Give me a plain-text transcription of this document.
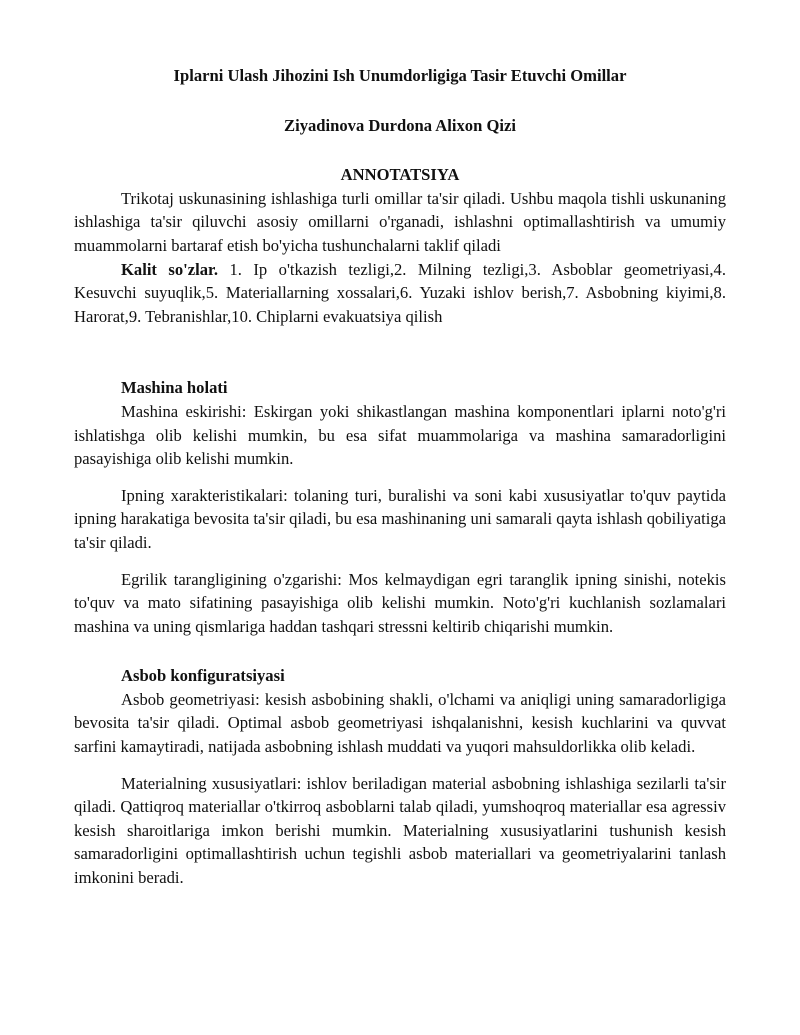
Iplarni Ulash Jihozini Ish Unumdorligiga Tasir Etuvchi Omillar
Ziyadinova Durdona Alixon Qizi
ANNOTATSIYA

Trikotaj uskunasining ishlashiga turli omillar ta'sir qiladi. Ushbu maqola tishli uskunaning ishlashiga ta'sir qiluvchi asosiy omillarni o'rganadi, ishlashni optimallashtirish va umumiy muammolarni bartaraf etish bo'yicha tushunchalarni taklif qiladi

Kalit so'zlar. 1. Ip o'tkazish tezligi,2. Milning tezligi,3. Asboblar geometriyasi,4. Kesuvchi suyuqlik,5. Materiallarning xossalari,6. Yuzaki ishlov berish,7. Asbobning kiyimi,8. Harorat,9. Tebranishlar,10. Chiplarni evakuatsiya qilish

Mashina holati

Mashina eskirishi: Eskirgan yoki shikastlangan mashina komponentlari iplarni noto'g'ri ishlatishga olib kelishi mumkin, bu esa sifat muammolariga va mashina samaradorligini pasayishiga olib kelishi mumkin.

Ipning xarakteristikalari: tolaning turi, buralishi va soni kabi xususiyatlar to'quv paytida ipning harakatiga bevosita ta'sir qiladi, bu esa mashinaning uni samarali qayta ishlash qobiliyatiga ta'sir qiladi.

Egrilik tarangligining o'zgarishi: Mos kelmaydigan egri taranglik ipning sinishi, notekis to'quv va mato sifatining pasayishiga olib kelishi mumkin. Noto'g'ri kuchlanish sozlamalari mashina va uning qismlariga haddan tashqari stressni keltirib chiqarishi mumkin.

Asbob konfiguratsiyasi

Asbob geometriyasi: kesish asbobining shakli, o'lchami va aniqligi uning samaradorligiga bevosita ta'sir qiladi. Optimal asbob geometriyasi ishqalanishni, kesish kuchlarini va quvvat sarfini kamaytiradi, natijada asbobning ishlash muddati va yuqori mahsuldorlikka olib keladi.

Materialning xususiyatlari: ishlov beriladigan material asbobning ishlashiga sezilarli ta'sir qiladi. Qattiqroq materiallar o'tkirroq asboblarni talab qiladi, yumshoqroq materiallar esa agressiv kesish sharoitlariga imkon berishi mumkin. Materialning xususiyatlarini tushunish kesish samaradorligini optimallashtirish uchun tegishli asbob materiallari va geometriyalarini tanlash imkonini beradi.
